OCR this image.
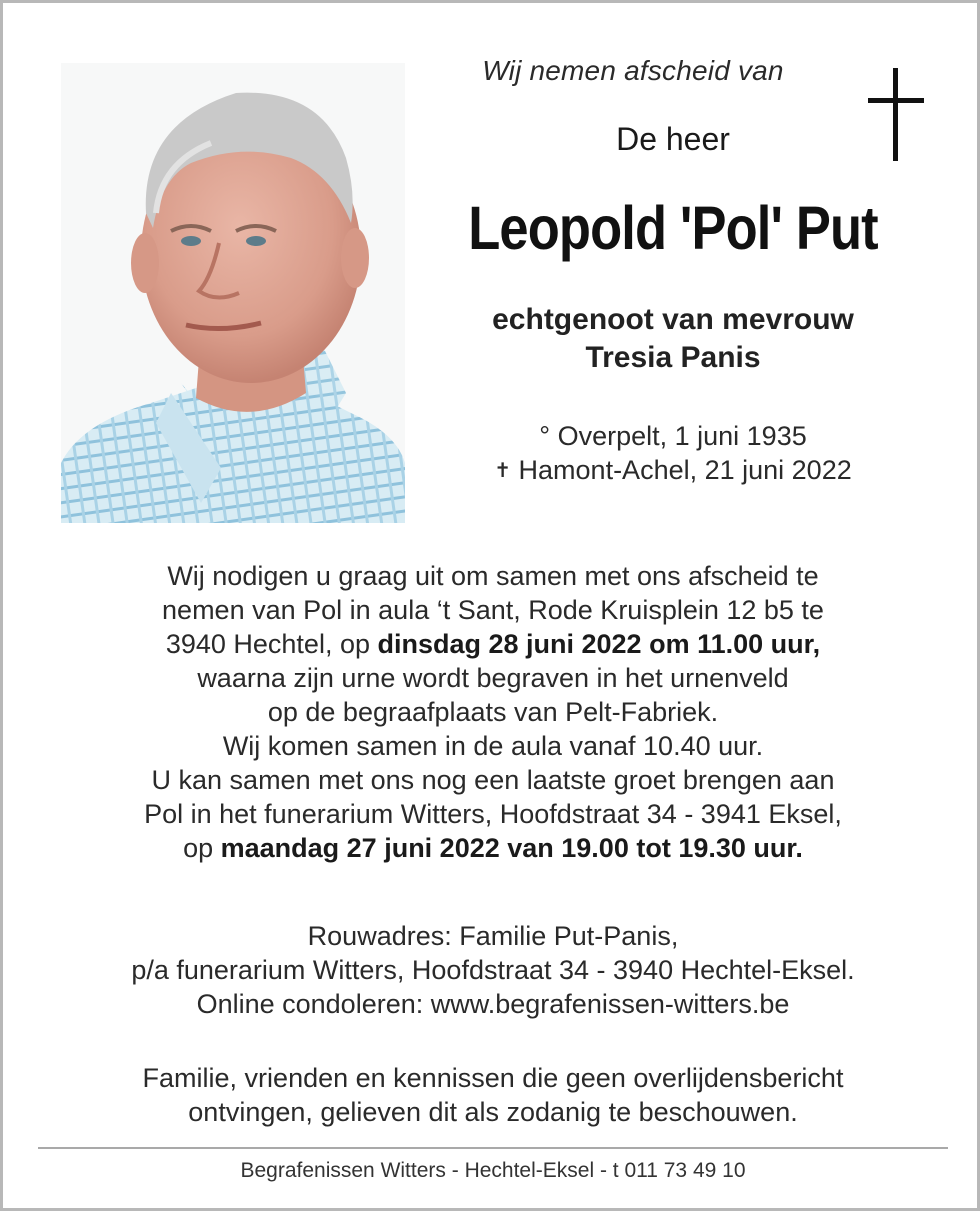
Wij nemen afscheid van
De heer
Leopold 'Pol' Put
echtgenoot van mevrouw
Tresia Panis
° Overpelt, 1 juni 1935
✝ Hamont-Achel, 21 juni 2022
Wij nodigen u graag uit om samen met ons afscheid te
nemen van Pol in aula ‘t Sant, Rode Kruisplein 12 b5 te
3940 Hechtel, op dinsdag 28 juni 2022 om 11.00 uur,
waarna zijn urne wordt begraven in het urnenveld
op de begraafplaats van Pelt-Fabriek.
Wij komen samen in de aula vanaf 10.40 uur.
U kan samen met ons nog een laatste groet brengen aan
Pol in het funerarium Witters, Hoofdstraat 34 - 3941 Eksel,
op maandag 27 juni 2022 van 19.00 tot 19.30 uur.
Rouwadres: Familie Put-Panis,
p/a funerarium Witters, Hoofdstraat 34 - 3940 Hechtel-Eksel.
Online condoleren: www.begrafenissen-witters.be
Familie, vrienden en kennissen die geen overlijdensbericht
ontvingen, gelieven dit als zodanig te beschouwen.
Begrafenissen Witters - Hechtel-Eksel - t 011 73 49 10
